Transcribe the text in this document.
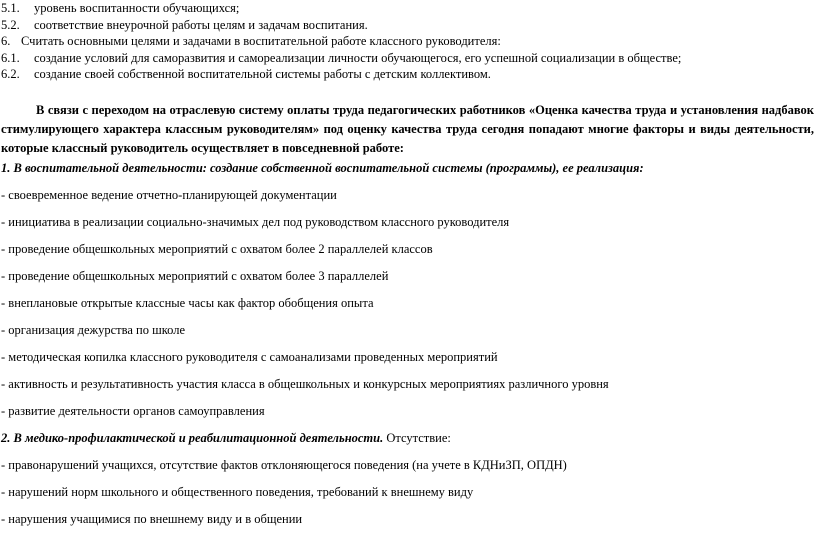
5.1.	уровень воспитанности обучающихся;
5.2.	соответствие внеурочной работы целям и задачам воспитания.
6. Считать основными целями и задачами в воспитательной работе классного руководителя:
6.1.	создание условий для саморазвития и самореализации личности обучающегося, его успешной социализации в обществе;
6.2.	создание своей собственной воспитательной системы работы с детским коллективом.

В связи с переходом на отраслевую систему оплаты труда педагогических работников «Оценка качества труда и установления надбавок стимулирующего характера классным руководителям» под оценку качества труда сегодня попадают многие факторы и виды деятельности, которые классный руководитель осуществляет в повседневной работе:

1. В воспитательной деятельности: создание собственной воспитательной системы (программы), ее реализация:
- своевременное ведение отчетно-планирующей документации
- инициатива в реализации социально-значимых дел под руководством классного руководителя
- проведение общешкольных мероприятий с охватом более 2 параллелей классов
- проведение общешкольных мероприятий с охватом более 3 параллелей
- внеплановые открытые классные часы как фактор обобщения опыта
- организация дежурства по школе
- методическая копилка классного руководителя с самоанализами проведенных мероприятий
- активность и результативность участия класса в общешкольных и конкурсных мероприятиях различного уровня
- развитие деятельности органов самоуправления
2. В медико-профилактической и реабилитационной деятельности. Отсутствие:
- правонарушений учащихся, отсутствие фактов отклоняющегося поведения (на учете в КДНиЗП, ОПДН)
- нарушений норм школьного и общественного поведения, требований к внешнему виду
- нарушения учащимися по внешнему виду и в общении
